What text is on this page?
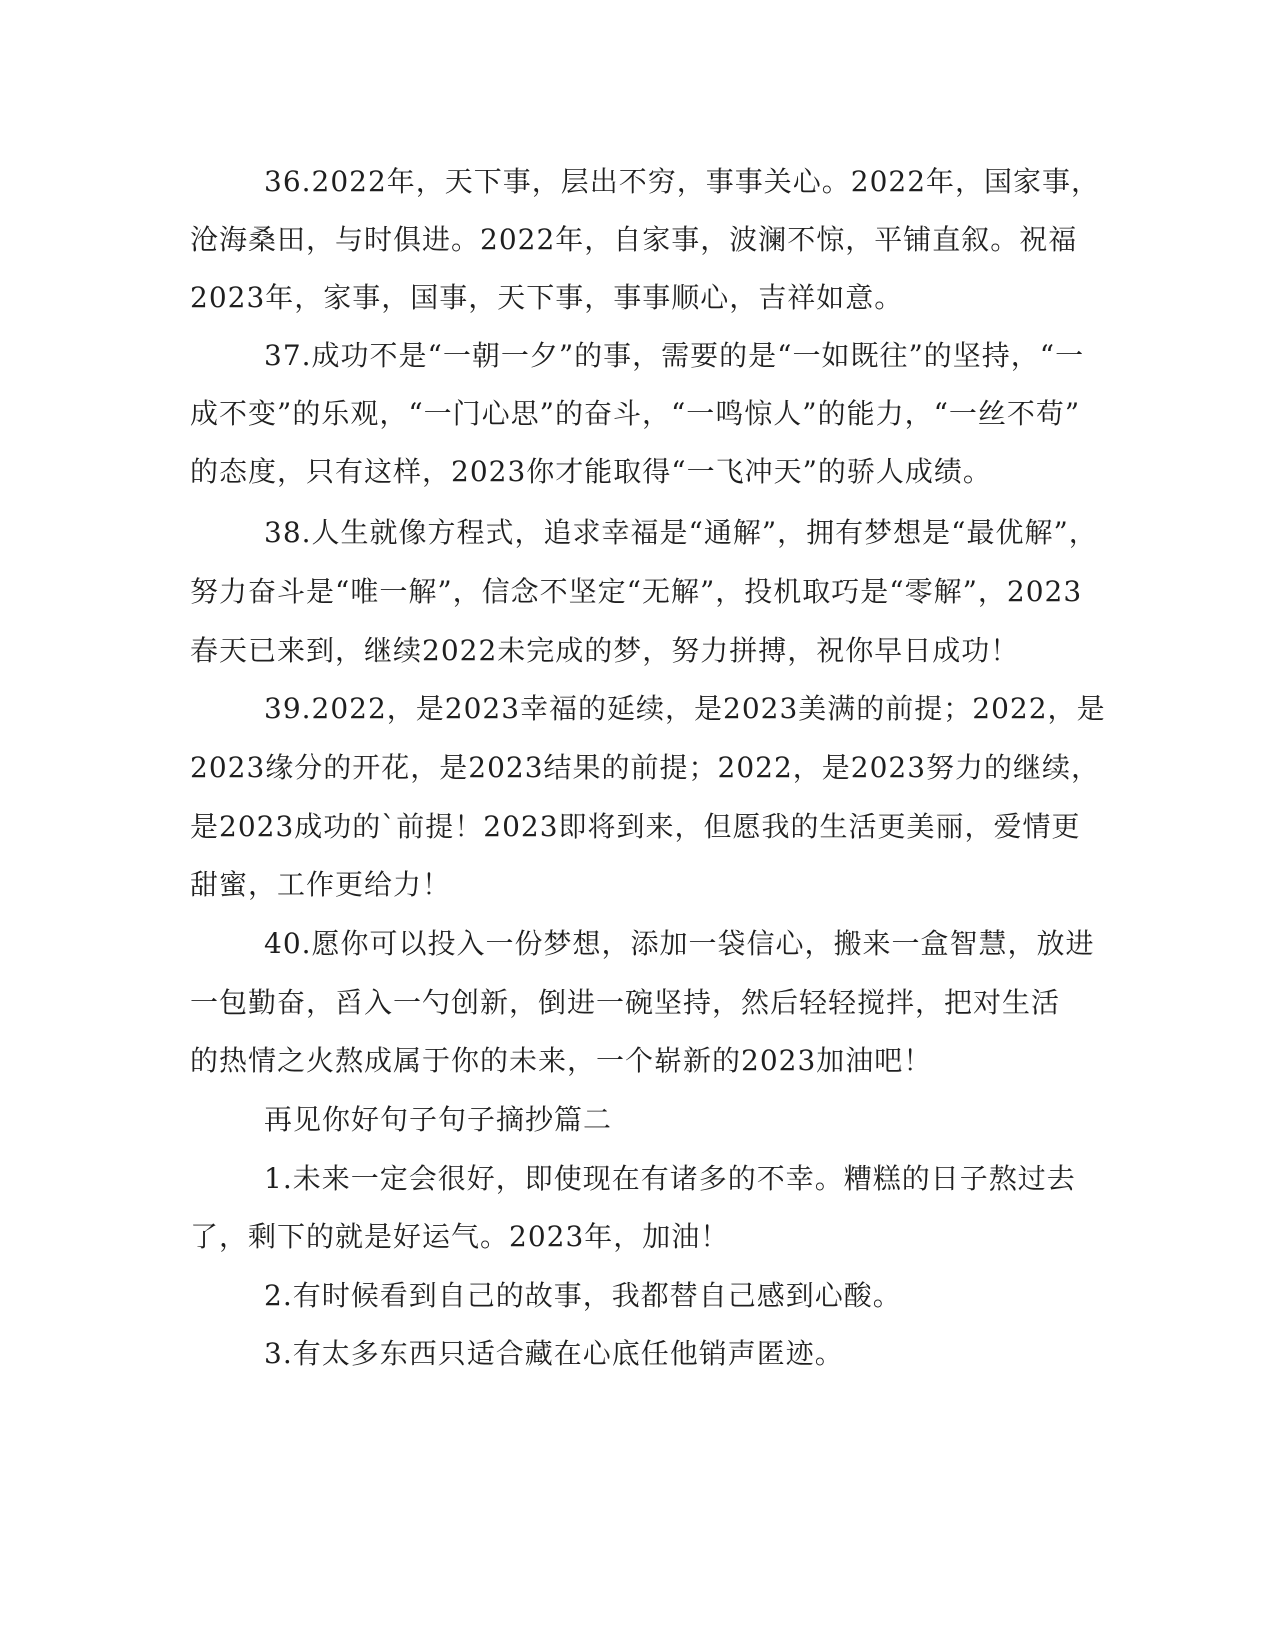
36.2022年，天下事，层出不穷，事事关心。2022年，国家事，
沧海桑田，与时俱进。2022年，自家事，波澜不惊，平铺直叙。祝福
2023年，家事，国事，天下事，事事顺心，吉祥如意。
37.成功不是“一朝一夕”的事，需要的是“一如既往”的坚持，“一
成不变”的乐观，“一门心思”的奋斗，“一鸣惊人”的能力，“一丝不苟”
的态度，只有这样，2023你才能取得“一飞冲天”的骄人成绩。
38.人生就像方程式，追求幸福是“通解”，拥有梦想是“最优解”，
努力奋斗是“唯一解”，信念不坚定“无解”，投机取巧是“零解”，2023
春天已来到，继续2022未完成的梦，努力拼搏，祝你早日成功！
39.2022，是2023幸福的延续，是2023美满的前提；2022，是
2023缘分的开花，是2023结果的前提；2022，是2023努力的继续，
是2023成功的`前提！2023即将到来，但愿我的生活更美丽，爱情更
甜蜜，工作更给力！
40.愿你可以投入一份梦想，添加一袋信心，搬来一盒智慧，放进
一包勤奋，舀入一勺创新，倒进一碗坚持，然后轻轻搅拌，把对生活
的热情之火熬成属于你的未来，一个崭新的2023加油吧！
再见你好句子句子摘抄篇二
1.未来一定会很好，即使现在有诸多的不幸。糟糕的日子熬过去
了，剩下的就是好运气。2023年，加油！
2.有时候看到自己的故事，我都替自己感到心酸。
3.有太多东西只适合藏在心底任他销声匿迹。
